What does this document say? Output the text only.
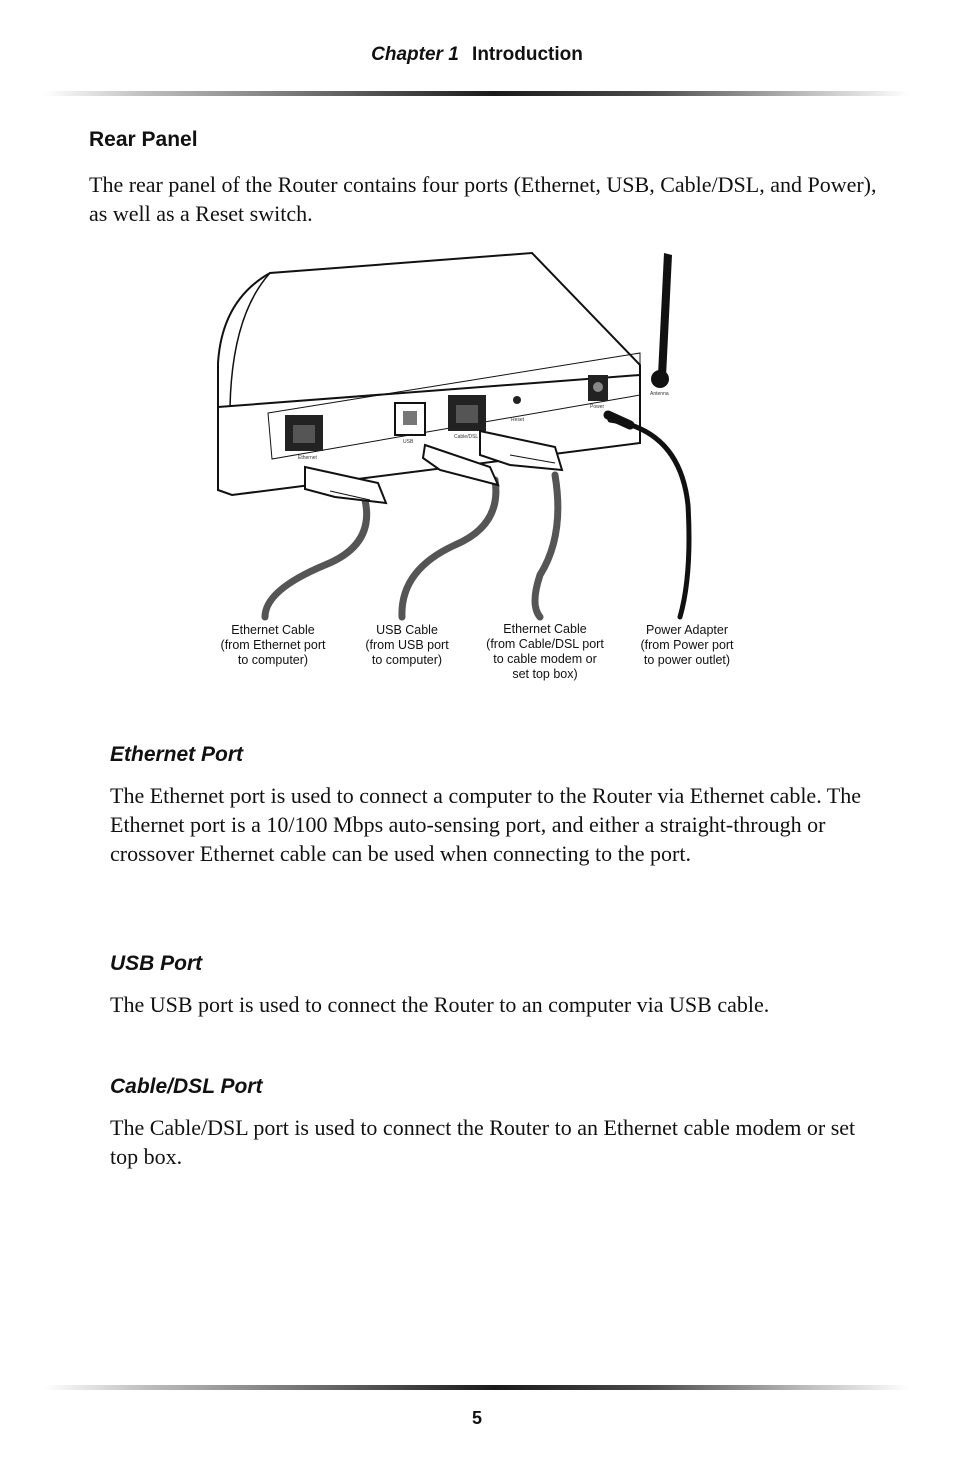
Chapter 1 Introduction
Rear Panel

The rear panel of the Router contains four ports (Ethernet, USB, Cable/DSL, and Power), as well as a Reset switch.

Ethernet
USB
Cable/DSL
Reset
Power
Antenna
Ethernet Cable
(from Ethernet port
to computer)
USB Cable
(from USB port
to computer)
Ethernet Cable
(from Cable/DSL port
to cable modem or
set top box)
Power Adapter
(from Power port
to power outlet)
Ethernet Port

The Ethernet port is used to connect a computer to the Router via Ethernet cable. The Ethernet port is a 10/100 Mbps auto-sensing port, and either a straight-through or crossover Ethernet cable can be used when connecting to the port.

USB Port

The USB port is used to connect the Router to an computer via USB cable.

Cable/DSL Port

The Cable/DSL port is used to connect the Router to an Ethernet cable modem or set top box.

5
